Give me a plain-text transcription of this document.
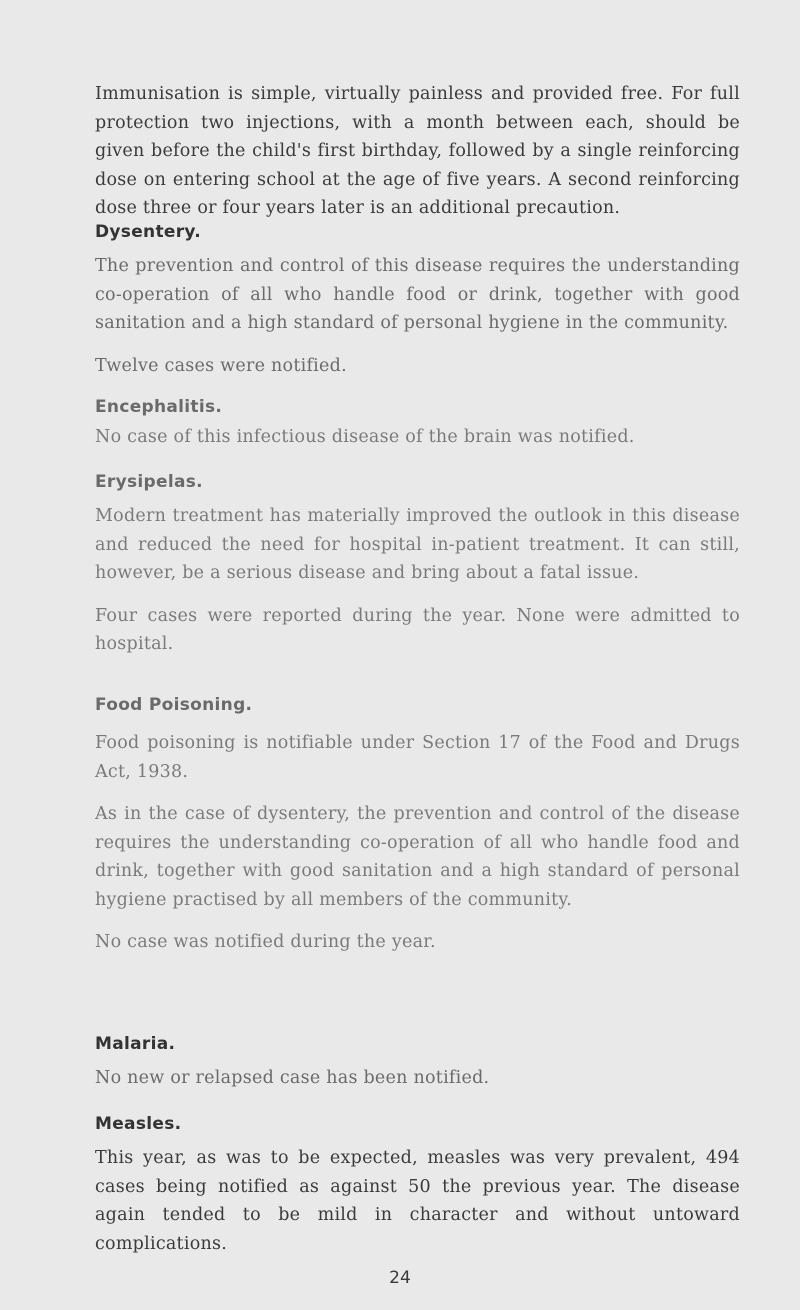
Immunisation is simple, virtually painless and provided free. For full protection two injections, with a month between each, should be given before the child's first birthday, followed by a single reinforcing dose on entering school at the age of five years. A second reinforcing dose three or four years later is an additional precaution.

Dysentery.

The prevention and control of this disease requires the understanding co-operation of all who handle food or drink, together with good sanitation and a high standard of personal hygiene in the community.

Twelve cases were notified.

Encephalitis.

No case of this infectious disease of the brain was notified.

Erysipelas.

Modern treatment has materially improved the outlook in this disease and reduced the need for hospital in-patient treatment. It can still, however, be a serious disease and bring about a fatal issue.

Four cases were reported during the year. None were admitted to hospital.

Food Poisoning.

Food poisoning is notifiable under Section 17 of the Food and Drugs Act, 1938.

As in the case of dysentery, the prevention and control of the disease requires the understanding co-operation of all who handle food and drink, together with good sanitation and a high standard of personal hygiene practised by all members of the community.

No case was notified during the year.

Malaria.

No new or relapsed case has been notified.

Measles.

This year, as was to be expected, measles was very prevalent, 494 cases being notified as against 50 the previous year. The disease again tended to be mild in character and without untoward complications.

24
